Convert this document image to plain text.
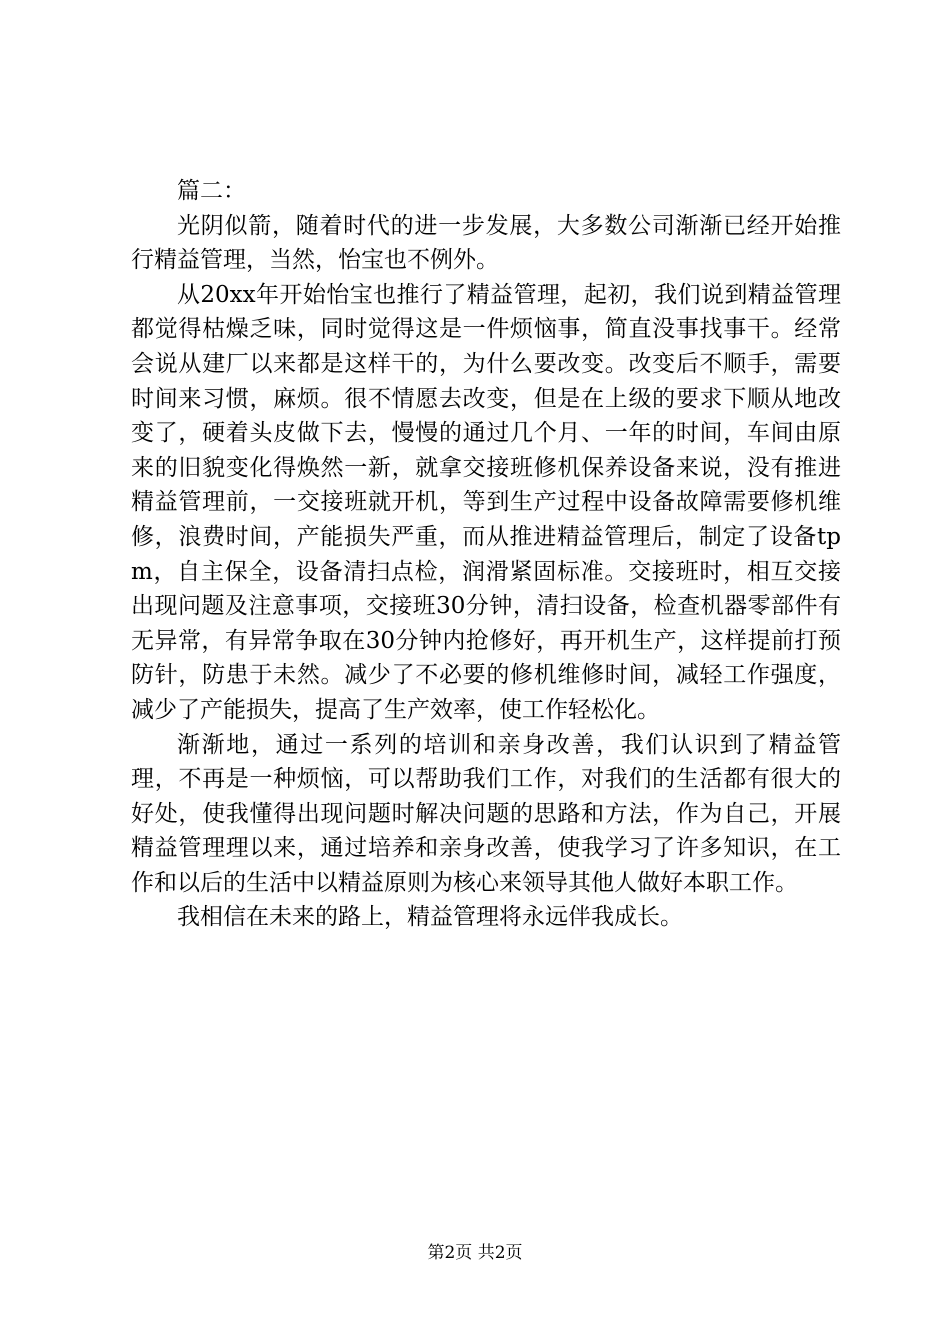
篇二：

光阴似箭，随着时代的进一步发展，大多数公司渐渐已经开始推行精益管理，当然，怡宝也不例外。

从20xx年开始怡宝也推行了精益管理，起初，我们说到精益管理都觉得枯燥乏味，同时觉得这是一件烦恼事，简直没事找事干。经常会说从建厂以来都是这样干的，为什么要改变。改变后不顺手，需要时间来习惯，麻烦。很不情愿去改变，但是在上级的要求下顺从地改变了，硬着头皮做下去，慢慢的通过几个月、一年的时间，车间由原来的旧貌变化得焕然一新，就拿交接班修机保养设备来说，没有推进精益管理前，一交接班就开机，等到生产过程中设备故障需要修机维修，浪费时间，产能损失严重，而从推进精益管理后，制定了设备tpm，自主保全，设备清扫点检，润滑紧固标准。交接班时，相互交接出现问题及注意事项，交接班30分钟，清扫设备，检查机器零部件有无异常，有异常争取在30分钟内抢修好，再开机生产，这样提前打预防针，防患于未然。减少了不必要的修机维修时间，减轻工作强度，减少了产能损失，提高了生产效率，使工作轻松化。

渐渐地，通过一系列的培训和亲身改善，我们认识到了精益管理，不再是一种烦恼，可以帮助我们工作，对我们的生活都有很大的好处，使我懂得出现问题时解决问题的思路和方法，作为自己，开展精益管理理以来，通过培养和亲身改善，使我学习了许多知识，在工作和以后的生活中以精益原则为核心来领导其他人做好本职工作。

我相信在未来的路上，精益管理将永远伴我成长。

第2页 共2页
